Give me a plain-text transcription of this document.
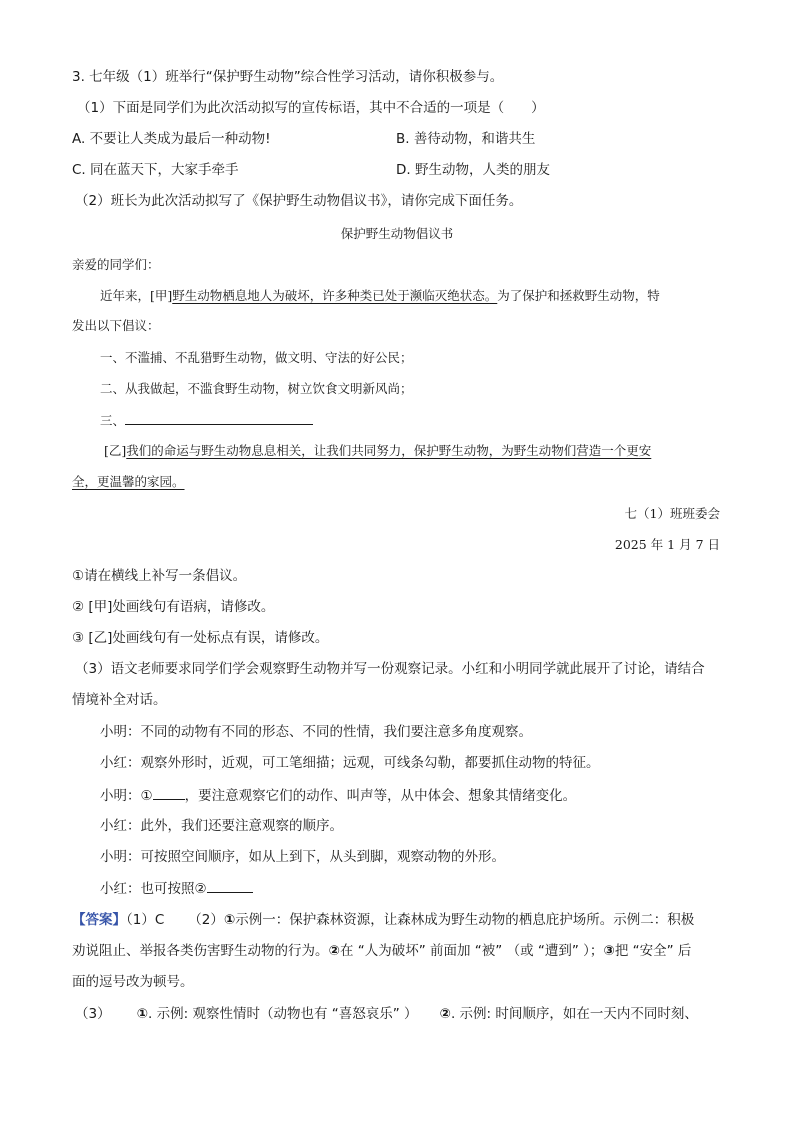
3. 七年级（1）班举行“保护野生动物”综合性学习活动，请你积极参与。
（1）下面是同学们为此次活动拟写的宣传标语，其中不合适的一项是（　　）
A. 不要让人类成为最后一种动物!	B. 善待动物，和谐共生
C. 同在蓝天下，大家手牵手	D. 野生动物，人类的朋友
（2）班长为此次活动拟写了《保护野生动物倡议书》，请你完成下面任务。
保护野生动物倡议书
亲爱的同学们：
近年来，[甲]野生动物栖息地人为破坏，许多种类已处于濒临灭绝状态。为了保护和拯救野生动物，特
发出以下倡议：
一、不滥捕、不乱猎野生动物，做文明、守法的好公民；
二、从我做起，不滥食野生动物，树立饮食文明新风尚；
三、
[乙]我们的命运与野生动物息息相关，让我们共同努力，保护野生动物，为野生动物们营造一个更安
全，更温馨的家园。
七（1）班班委会
2025 年 1 月 7 日
①请在横线上补写一条倡议。
② [甲]处画线句有语病，请修改。
③ [乙]处画线句有一处标点有误，请修改。
（3）语文老师要求同学们学会观察野生动物并写一份观察记录。小红和小明同学就此展开了讨论，请结合
情境补全对话。
小明：不同的动物有不同的形态、不同的性情，我们要注意多角度观察。
小红：观察外形时，近观，可工笔细描；远观，可线条勾勒，都要抓住动物的特征。
小明：① ，要注意观察它们的动作、叫声等，从中体会、想象其情绪变化。
小红：此外，我们还要注意观察的顺序。
小明：可按照空间顺序，如从上到下，从头到脚，观察动物的外形。
小红：也可按照②
【答案】（1）C （2）①示例一：保护森林资源，让森林成为野生动物的栖息庇护场所。示例二：积极
劝说阻止、举报各类伤害野生动物的行为。②在 “人为破坏” 前面加 “被” （或 “遭到” ）；③把 “安全” 后
面的逗号改为顿号。
（3） ①. 示例: 观察性情时（动物也有 “喜怒哀乐” ） ②. 示例: 时间顺序，如在一天内不同时刻、
